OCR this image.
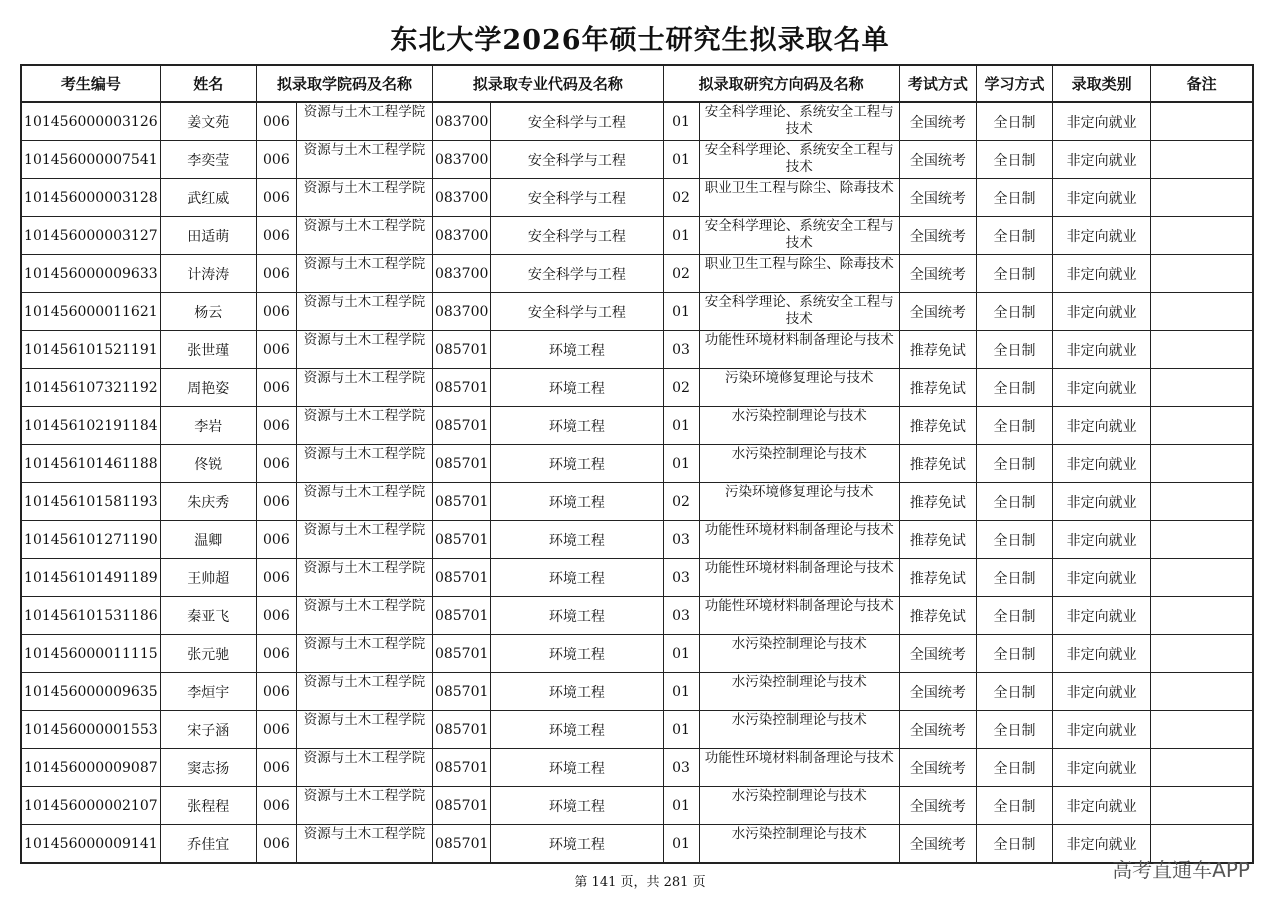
东北大学2026年硕士研究生拟录取名单
考生编号	姓名	拟录取学院码及名称		拟录取专业代码及名称		拟录取研究方向码及名称		考试方式	学习方式	录取类别	备注
101456000003126	姜文苑	006	资源与土木工程学院	083700	安全科学与工程	01	安全科学理论、系统安全工程与技术	全国统考	全日制	非定向就业	
101456000007541	李奕莹	006	资源与土木工程学院	083700	安全科学与工程	01	安全科学理论、系统安全工程与技术	全国统考	全日制	非定向就业	
101456000003128	武红威	006	资源与土木工程学院	083700	安全科学与工程	02	职业卫生工程与除尘、除毒技术	全国统考	全日制	非定向就业	
101456000003127	田适萌	006	资源与土木工程学院	083700	安全科学与工程	01	安全科学理论、系统安全工程与技术	全国统考	全日制	非定向就业	
101456000009633	计涛涛	006	资源与土木工程学院	083700	安全科学与工程	02	职业卫生工程与除尘、除毒技术	全国统考	全日制	非定向就业	
101456000011621	杨云	006	资源与土木工程学院	083700	安全科学与工程	01	安全科学理论、系统安全工程与技术	全国统考	全日制	非定向就业	
101456101521191	张世瑾	006	资源与土木工程学院	085701	环境工程	03	功能性环境材料制备理论与技术	推荐免试	全日制	非定向就业	
101456107321192	周艳姿	006	资源与土木工程学院	085701	环境工程	02	污染环境修复理论与技术	推荐免试	全日制	非定向就业	
101456102191184	李岩	006	资源与土木工程学院	085701	环境工程	01	水污染控制理论与技术	推荐免试	全日制	非定向就业	
101456101461188	佟锐	006	资源与土木工程学院	085701	环境工程	01	水污染控制理论与技术	推荐免试	全日制	非定向就业	
101456101581193	朱庆秀	006	资源与土木工程学院	085701	环境工程	02	污染环境修复理论与技术	推荐免试	全日制	非定向就业	
101456101271190	温卿	006	资源与土木工程学院	085701	环境工程	03	功能性环境材料制备理论与技术	推荐免试	全日制	非定向就业	
101456101491189	王帅超	006	资源与土木工程学院	085701	环境工程	03	功能性环境材料制备理论与技术	推荐免试	全日制	非定向就业	
101456101531186	秦亚飞	006	资源与土木工程学院	085701	环境工程	03	功能性环境材料制备理论与技术	推荐免试	全日制	非定向就业	
101456000011115	张元驰	006	资源与土木工程学院	085701	环境工程	01	水污染控制理论与技术	全国统考	全日制	非定向就业	
101456000009635	李烜宇	006	资源与土木工程学院	085701	环境工程	01	水污染控制理论与技术	全国统考	全日制	非定向就业	
101456000001553	宋子涵	006	资源与土木工程学院	085701	环境工程	01	水污染控制理论与技术	全国统考	全日制	非定向就业	
101456000009087	窦志扬	006	资源与土木工程学院	085701	环境工程	03	功能性环境材料制备理论与技术	全国统考	全日制	非定向就业	
101456000002107	张程程	006	资源与土木工程学院	085701	环境工程	01	水污染控制理论与技术	全国统考	全日制	非定向就业	
101456000009141	乔佳宜	006	资源与土木工程学院	085701	环境工程	01	水污染控制理论与技术	全国统考	全日制	非定向就业	
第 141 页，共 281 页
高考直通车APP
